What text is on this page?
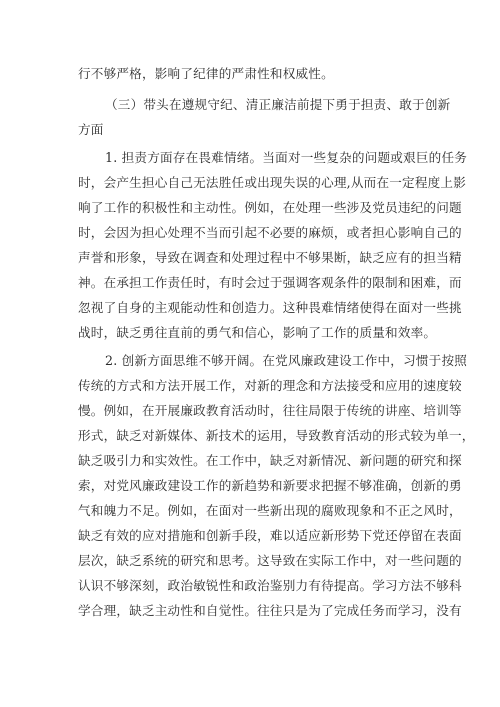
行不够严格，影响了纪律的严肃性和权威性。
（三）带头在遵规守纪、清正廉洁前提下勇于担责、敢于创新
方面
1. 担责方面存在畏难情绪。当面对一些复杂的问题或艰巨的任务
时，会产生担心自己无法胜任或出现失误的心理,从而在一定程度上影
响了工作的积极性和主动性。例如，在处理一些涉及党员违纪的问题
时，会因为担心处理不当而引起不必要的麻烦，或者担心影响自己的
声誉和形象，导致在调查和处理过程中不够果断，缺乏应有的担当精
神。在承担工作责任时，有时会过于强调客观条件的限制和困难，而
忽视了自身的主观能动性和创造力。这种畏难情绪使得在面对一些挑
战时，缺乏勇往直前的勇气和信心，影响了工作的质量和效率。
2. 创新方面思维不够开阔。在党风廉政建设工作中，习惯于按照
传统的方式和方法开展工作，对新的理念和方法接受和应用的速度较
慢。例如，在开展廉政教育活动时，往往局限于传统的讲座、培训等
形式，缺乏对新媒体、新技术的运用，导致教育活动的形式较为单一，
缺乏吸引力和实效性。在工作中，缺乏对新情况、新问题的研究和探
索，对党风廉政建设工作的新趋势和新要求把握不够准确，创新的勇
气和魄力不足。例如，在面对一些新出现的腐败现象和不正之风时，
缺乏有效的应对措施和创新手段，难以适应新形势下党还停留在表面
层次，缺乏系统的研究和思考。这导致在实际工作中，对一些问题的
认识不够深刻，政治敏锐性和政治鉴别力有待提高。学习方法不够科
学合理，缺乏主动性和自觉性。往往只是为了完成任务而学习，没有
